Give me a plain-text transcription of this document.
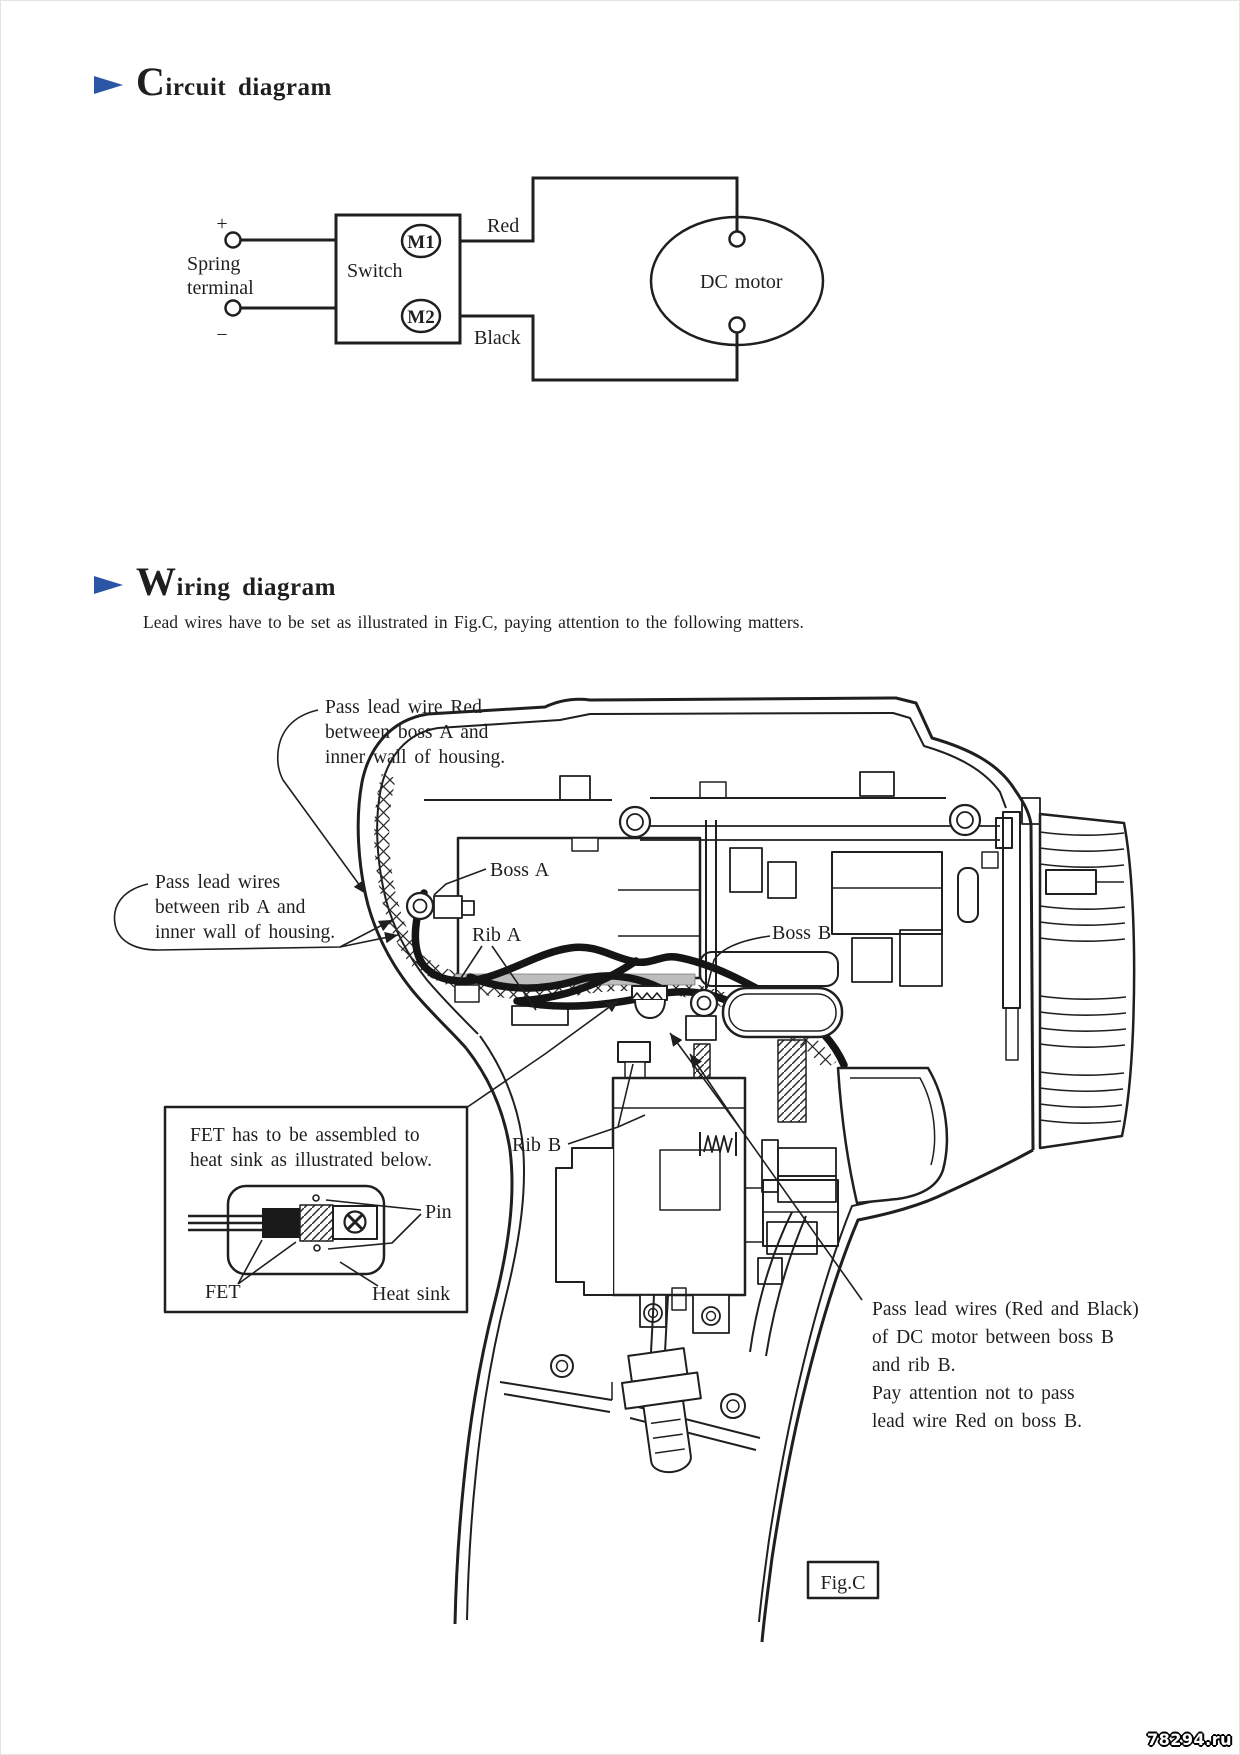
Circuit diagram
Wiring diagram
Lead wires have to be set as illustrated in Fig.C, paying attention to the following matters.
+
Spring
terminal
−
Switch
M1
M2
Red
Black
DC motor
Pass lead wire Red
between boss A and
inner wall of housing.
Pass lead wires
between rib A and
inner wall of housing.
Boss A
Rib A	Boss B
Rib B
FET has to be assembled to
heat sink as illustrated below.
Pin
FET	Heat sink
Pass lead wires (Red and Black)
of DC motor between boss B
and rib B.
Pay attention not to pass
lead wire Red on boss B.
Fig.C
78294.ru
